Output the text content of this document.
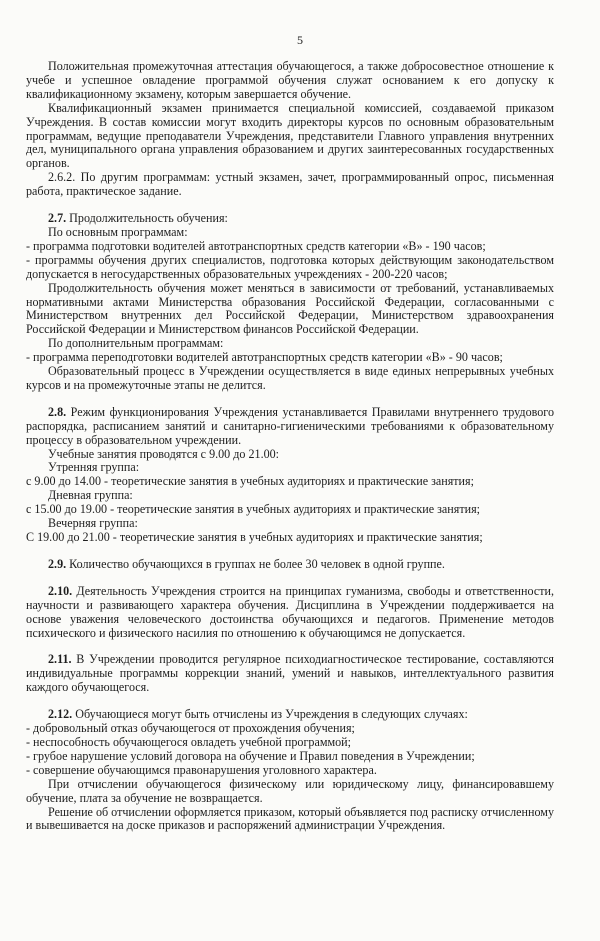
5

Положительная промежуточная аттестация обучающегося, а также добросовестное отношение к учебе и успешное овладение программой обучения служат основанием к его допуску к квалификационному экзамену, которым завершается обучение.

Квалификационный экзамен принимается специальной комиссией, создаваемой приказом Учреждения. В состав комиссии могут входить директоры курсов по основным образовательным программам, ведущие преподаватели Учреждения, представители Главного управления внутренних дел, муниципального органа управления образованием и других заинтересованных государственных органов.

2.6.2. По другим программам: устный экзамен, зачет, программированный опрос, письменная работа, практическое задание.

2.7. Продолжительность обучения:

По основным программам:

- программа подготовки водителей автотранспортных средств категории «В» - 190 часов;

- программы обучения других специалистов, подготовка которых действующим законодательством допускается в негосударственных образовательных учреждениях - 200-220 часов;

Продолжительность обучения может меняться в зависимости от требований, устанавливаемых нормативными актами Министерства образования Российской Федерации, согласованными с Министерством внутренних дел Российской Федерации, Министерством здравоохранения Российской Федерации и Министерством финансов Российской Федерации.

По дополнительным программам:

- программа переподготовки водителей автотранспортных средств категории «В» - 90 часов;

Образовательный процесс в Учреждении осуществляется в виде единых непрерывных учебных курсов и на промежуточные этапы не делится.

2.8. Режим функционирования Учреждения устанавливается Правилами внутреннего трудового распорядка, расписанием занятий и санитарно-гигиеническими требованиями к образовательному процессу в образовательном учреждении.

Учебные занятия проводятся с 9.00 до 21.00:

Утренняя группа:

с 9.00 до 14.00 - теоретические занятия в учебных аудиториях и практические занятия;

Дневная группа:

с 15.00 до 19.00 - теоретические занятия в учебных аудиториях и практические занятия;

Вечерняя группа:

С 19.00 до 21.00 - теоретические занятия в учебных аудиториях и практические занятия;

2.9. Количество обучающихся в группах не более 30 человек в одной группе.

2.10. Деятельность Учреждения строится на принципах гуманизма, свободы и ответственности, научности и развивающего характера обучения. Дисциплина в Учреждении поддерживается на основе уважения человеческого достоинства обучающихся и педагогов. Применение методов психического и физического насилия по отношению к обучающимся не допускается.

2.11. В Учреждении проводится регулярное психодиагностическое тестирование, составляются индивидуальные программы коррекции знаний, умений и навыков, интеллектуального развития каждого обучающегося.

2.12. Обучающиеся могут быть отчислены из Учреждения в следующих случаях:

- добровольный отказ обучающегося от прохождения обучения;

- неспособность обучающегося овладеть учебной программой;

- грубое нарушение условий договора на обучение и Правил поведения в Учреждении;

- совершение обучающимся правонарушения уголовного характера.

При отчислении обучающегося физическому или юридическому лицу, финансировавшему обучение, плата за обучение не возвращается.

Решение об отчислении оформляется приказом, который объявляется под расписку отчисленному и вывешивается на доске приказов и распоряжений администрации Учреждения.
